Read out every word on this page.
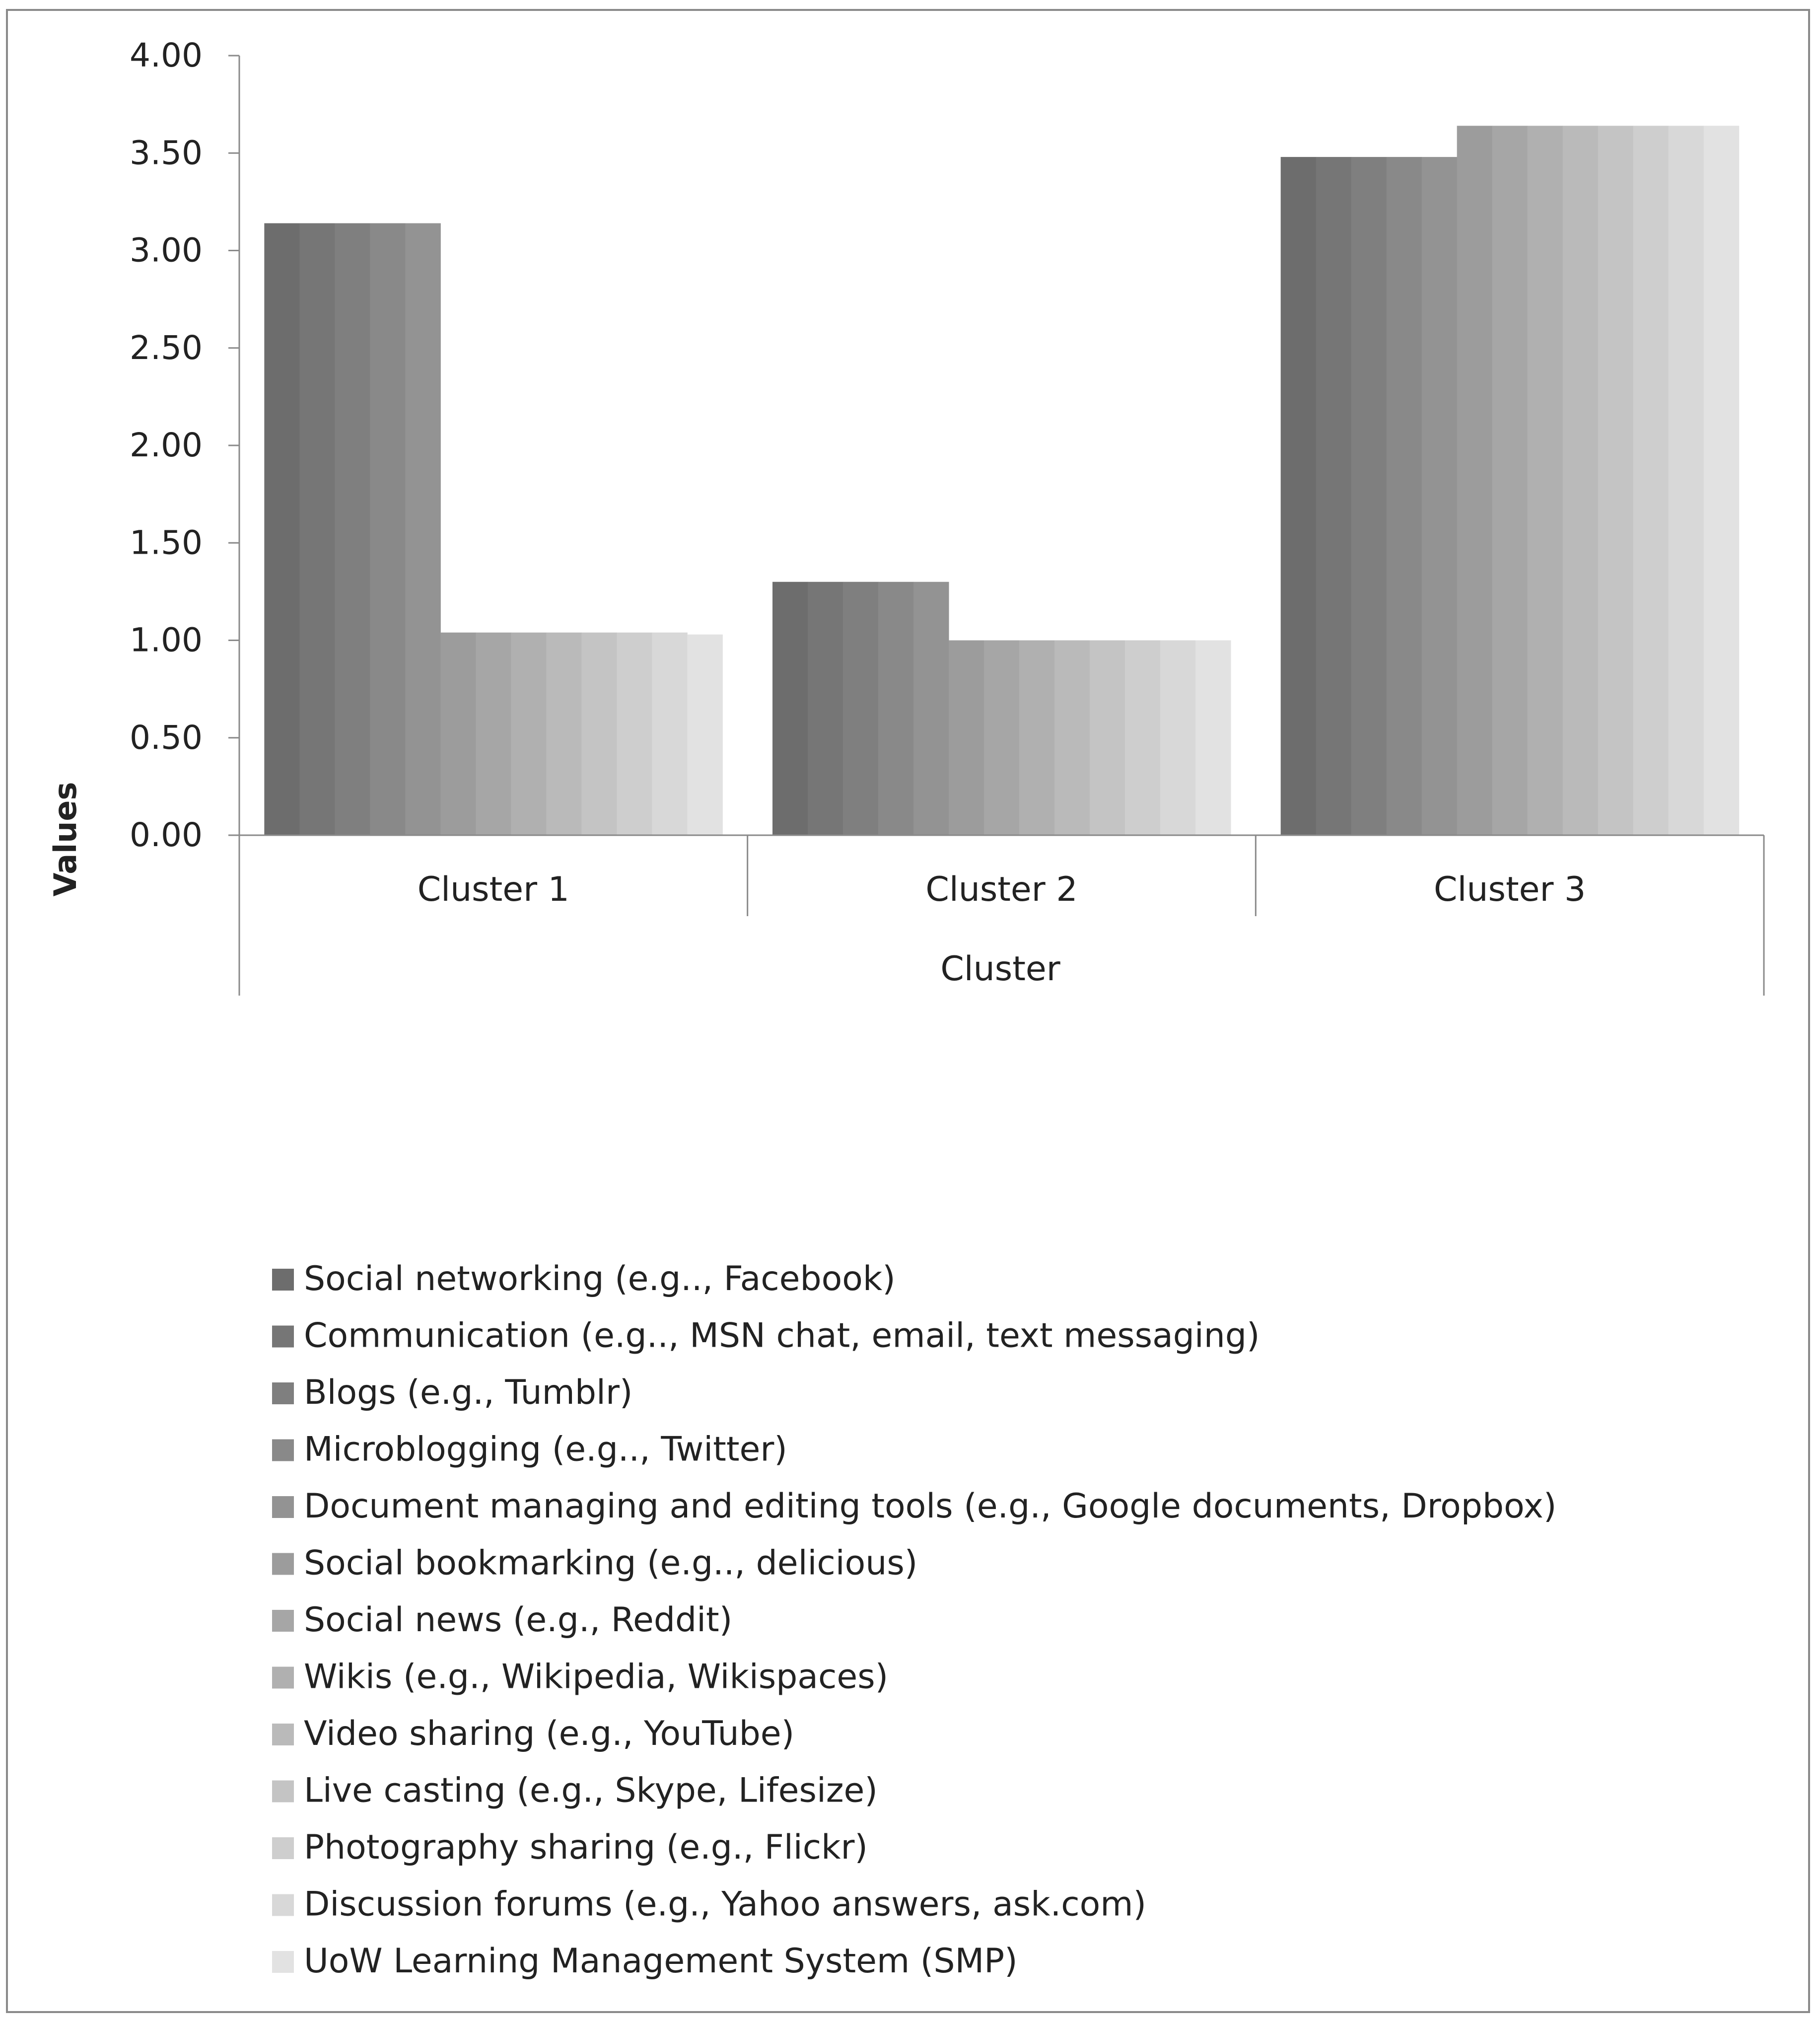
0.00
0.50
1.00
1.50
2.00
2.50
3.00
3.50
4.00
Cluster 1	Cluster 2	Cluster 3
Values
Cluster
Social networking (e.g.., Facebook)
Communication (e.g.., MSN chat, email, text messaging)
Blogs (e.g., Tumblr)
Microblogging (e.g.., Twitter)
Document managing and editing tools (e.g., Google documents, Dropbox)
Social bookmarking (e.g.., delicious)
Social news (e.g., Reddit)
Wikis (e.g., Wikipedia, Wikispaces)
Video sharing (e.g., YouTube)
Live casting (e.g., Skype, Lifesize)
Photography sharing (e.g., Flickr)
Discussion forums (e.g., Yahoo answers, ask.com)
UoW Learning Management System (SMP)
